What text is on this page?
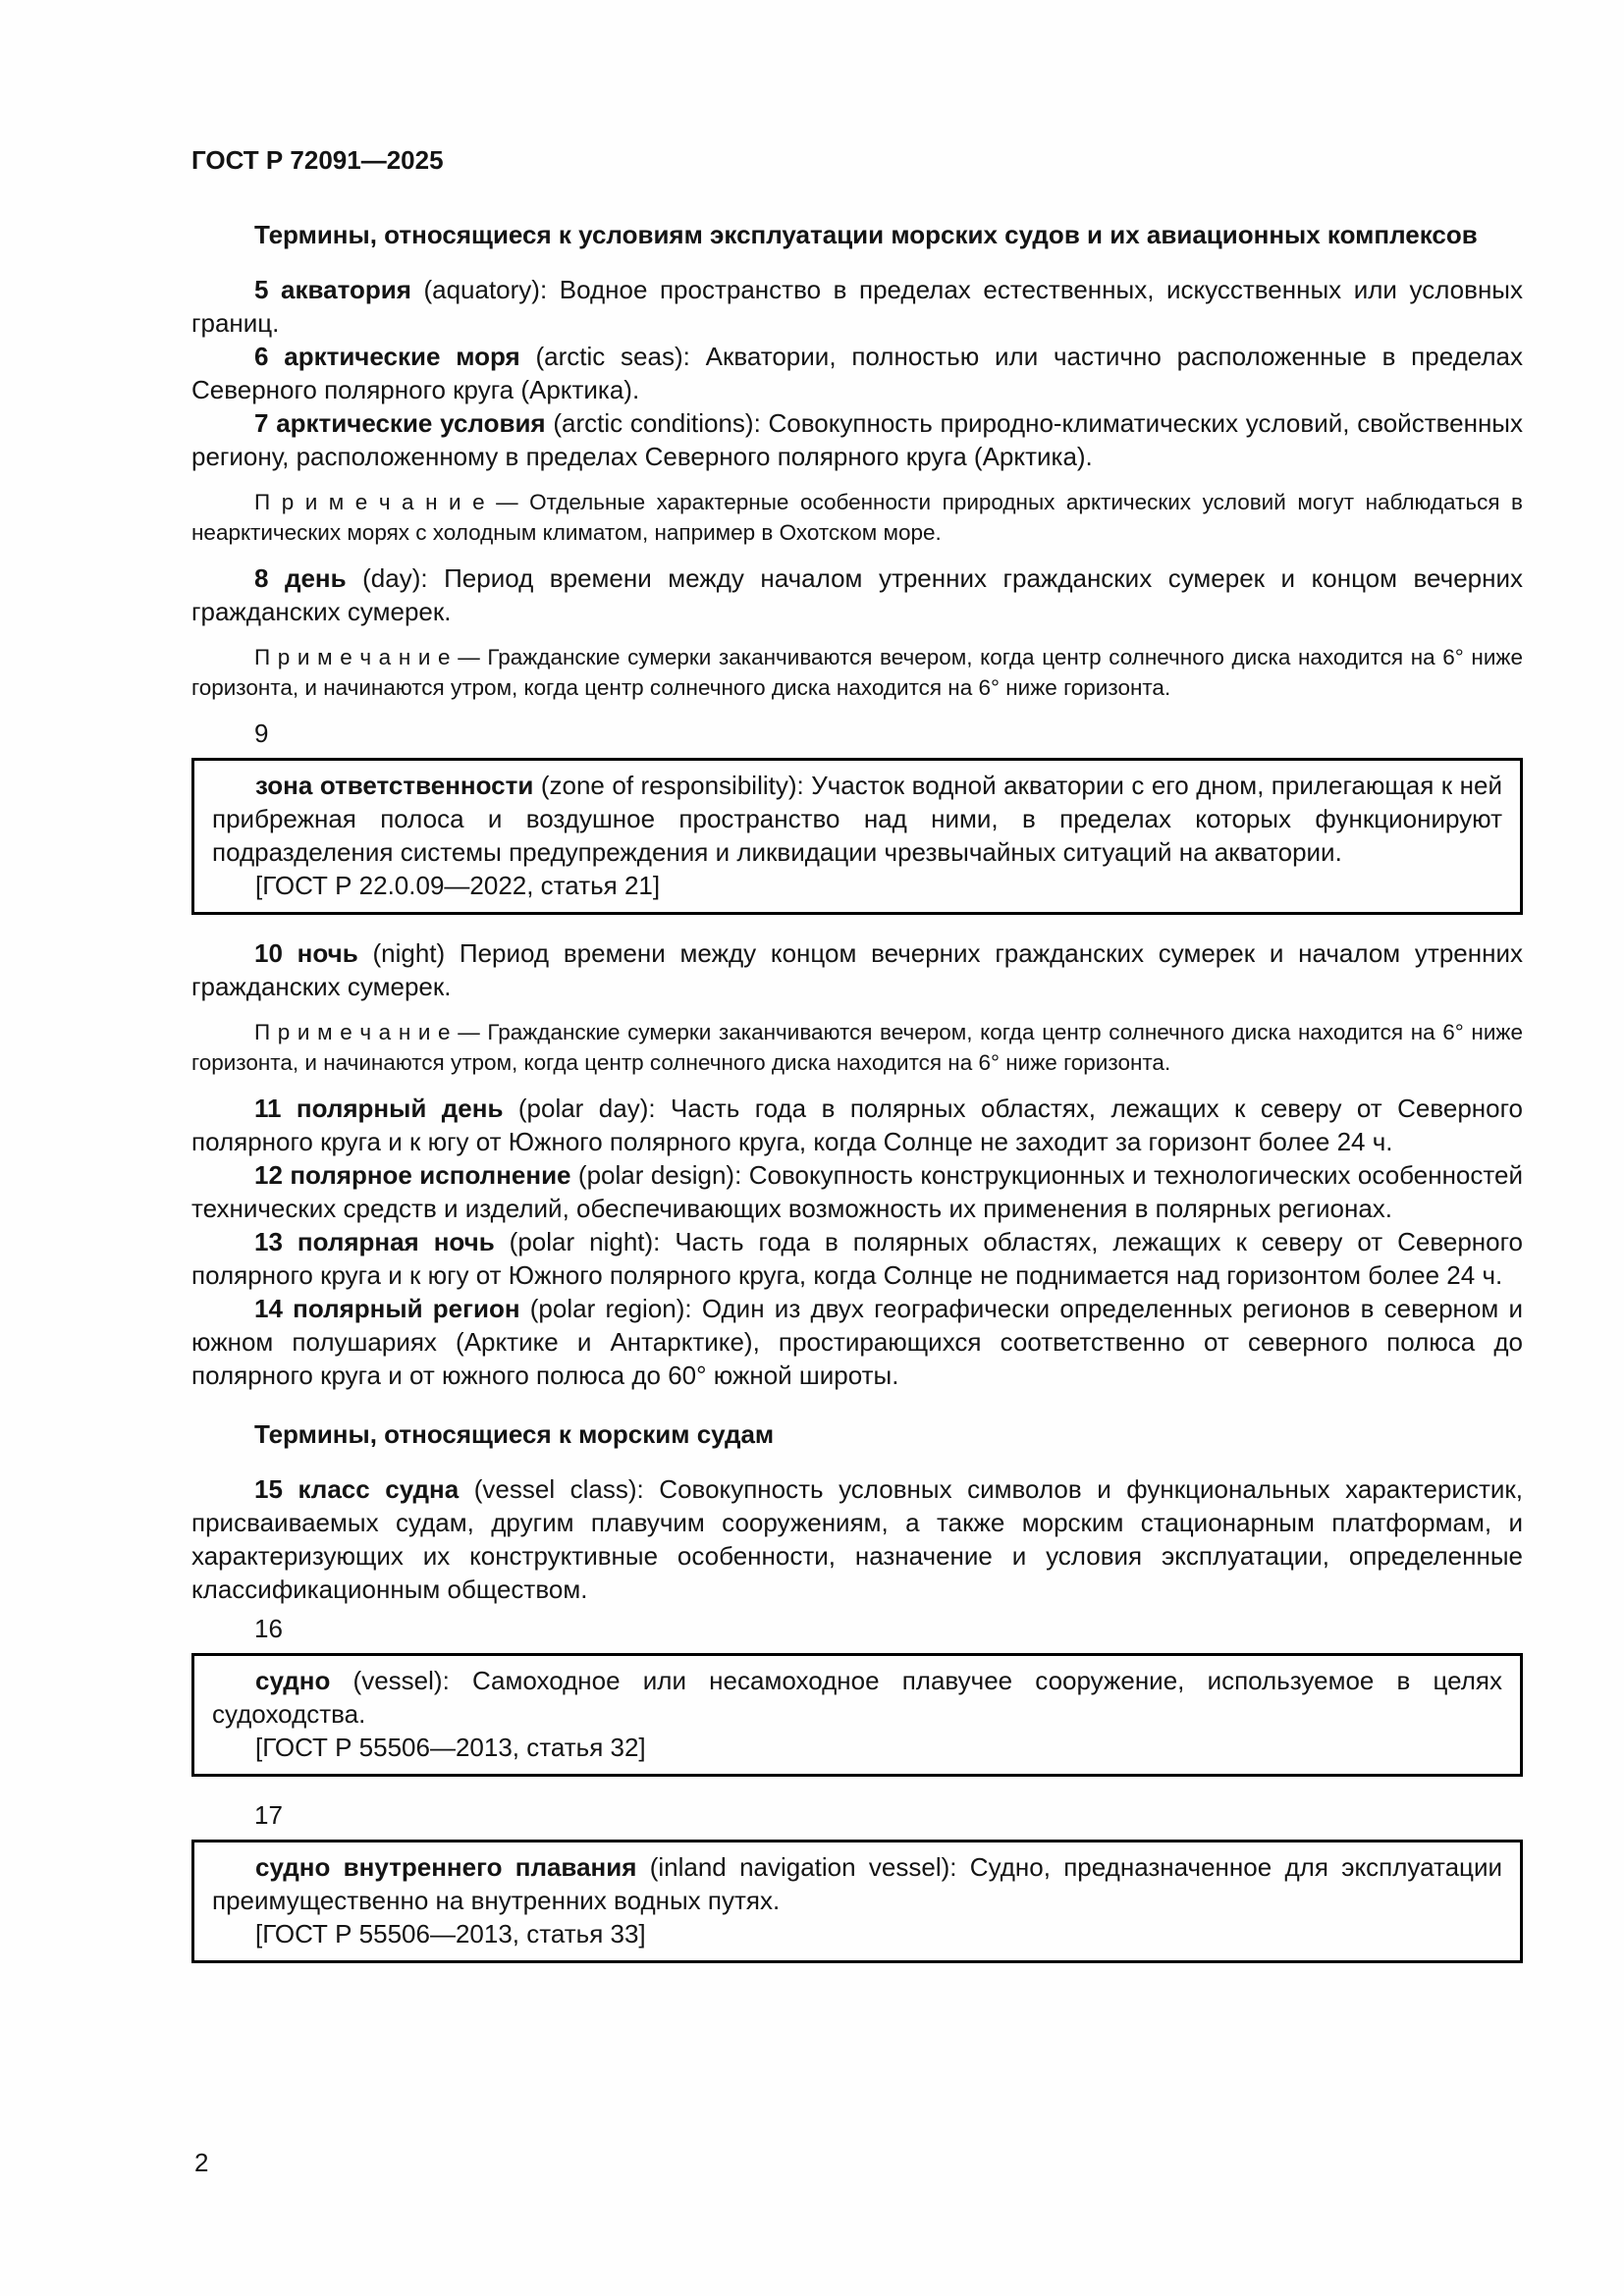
ГОСТ Р 72091—2025

Термины, относящиеся к условиям эксплуатации морских судов и их авиационных комплексов

5 акватория (aquatory): Водное пространство в пределах естественных, искусственных или условных границ.

6 арктические моря (arctic seas): Акватории, полностью или частично расположенные в пределах Северного полярного круга (Арктика).

7 арктические условия (arctic conditions): Совокупность природно-климатических условий, свойственных региону, расположенному в пределах Северного полярного круга (Арктика).

П р и м е ч а н и е — Отдельные характерные особенности природных арктических условий могут наблюдаться в неарктических морях с холодным климатом, например в Охотском море.

8 день (day): Период времени между началом утренних гражданских сумерек и концом вечерних гражданских сумерек.

П р и м е ч а н и е — Гражданские сумерки заканчиваются вечером, когда центр солнечного диска находится на 6° ниже горизонта, и начинаются утром, когда центр солнечного диска находится на 6° ниже горизонта.

9

зона ответственности (zone of responsibility): Участок водной акватории с его дном, прилегающая к ней прибрежная полоса и воздушное пространство над ними, в пределах которых функционируют подразделения системы предупреждения и ликвидации чрезвычайных ситуаций на акватории.

[ГОСТ Р 22.0.09—2022, статья 21]

10 ночь (night) Период времени между концом вечерних гражданских сумерек и началом утренних гражданских сумерек.

П р и м е ч а н и е — Гражданские сумерки заканчиваются вечером, когда центр солнечного диска находится на 6° ниже горизонта, и начинаются утром, когда центр солнечного диска находится на 6° ниже горизонта.

11 полярный день (polar day): Часть года в полярных областях, лежащих к северу от Северного полярного круга и к югу от Южного полярного круга, когда Солнце не заходит за горизонт более 24 ч.

12 полярное исполнение (polar design): Совокупность конструкционных и технологических особенностей технических средств и изделий, обеспечивающих возможность их применения в полярных регионах.

13 полярная ночь (polar night): Часть года в полярных областях, лежащих к северу от Северного полярного круга и к югу от Южного полярного круга, когда Солнце не поднимается над горизонтом более 24 ч.

14 полярный регион (polar region): Один из двух географически определенных регионов в северном и южном полушариях (Арктике и Антарктике), простирающихся соответственно от северного полюса до полярного круга и от южного полюса до 60° южной широты.

Термины, относящиеся к морским судам

15 класс судна (vessel class): Совокупность условных символов и функциональных характеристик, присваиваемых судам, другим плавучим сооружениям, а также морским стационарным платформам, и характеризующих их конструктивные особенности, назначение и условия эксплуатации, определенные классификационным обществом.

16

судно (vessel): Самоходное или несамоходное плавучее сооружение, используемое в целях судоходства.

[ГОСТ Р 55506—2013, статья 32]

17

судно внутреннего плавания (inland navigation vessel): Судно, предназначенное для эксплуатации преимущественно на внутренних водных путях.

[ГОСТ Р 55506—2013, статья 33]

2
